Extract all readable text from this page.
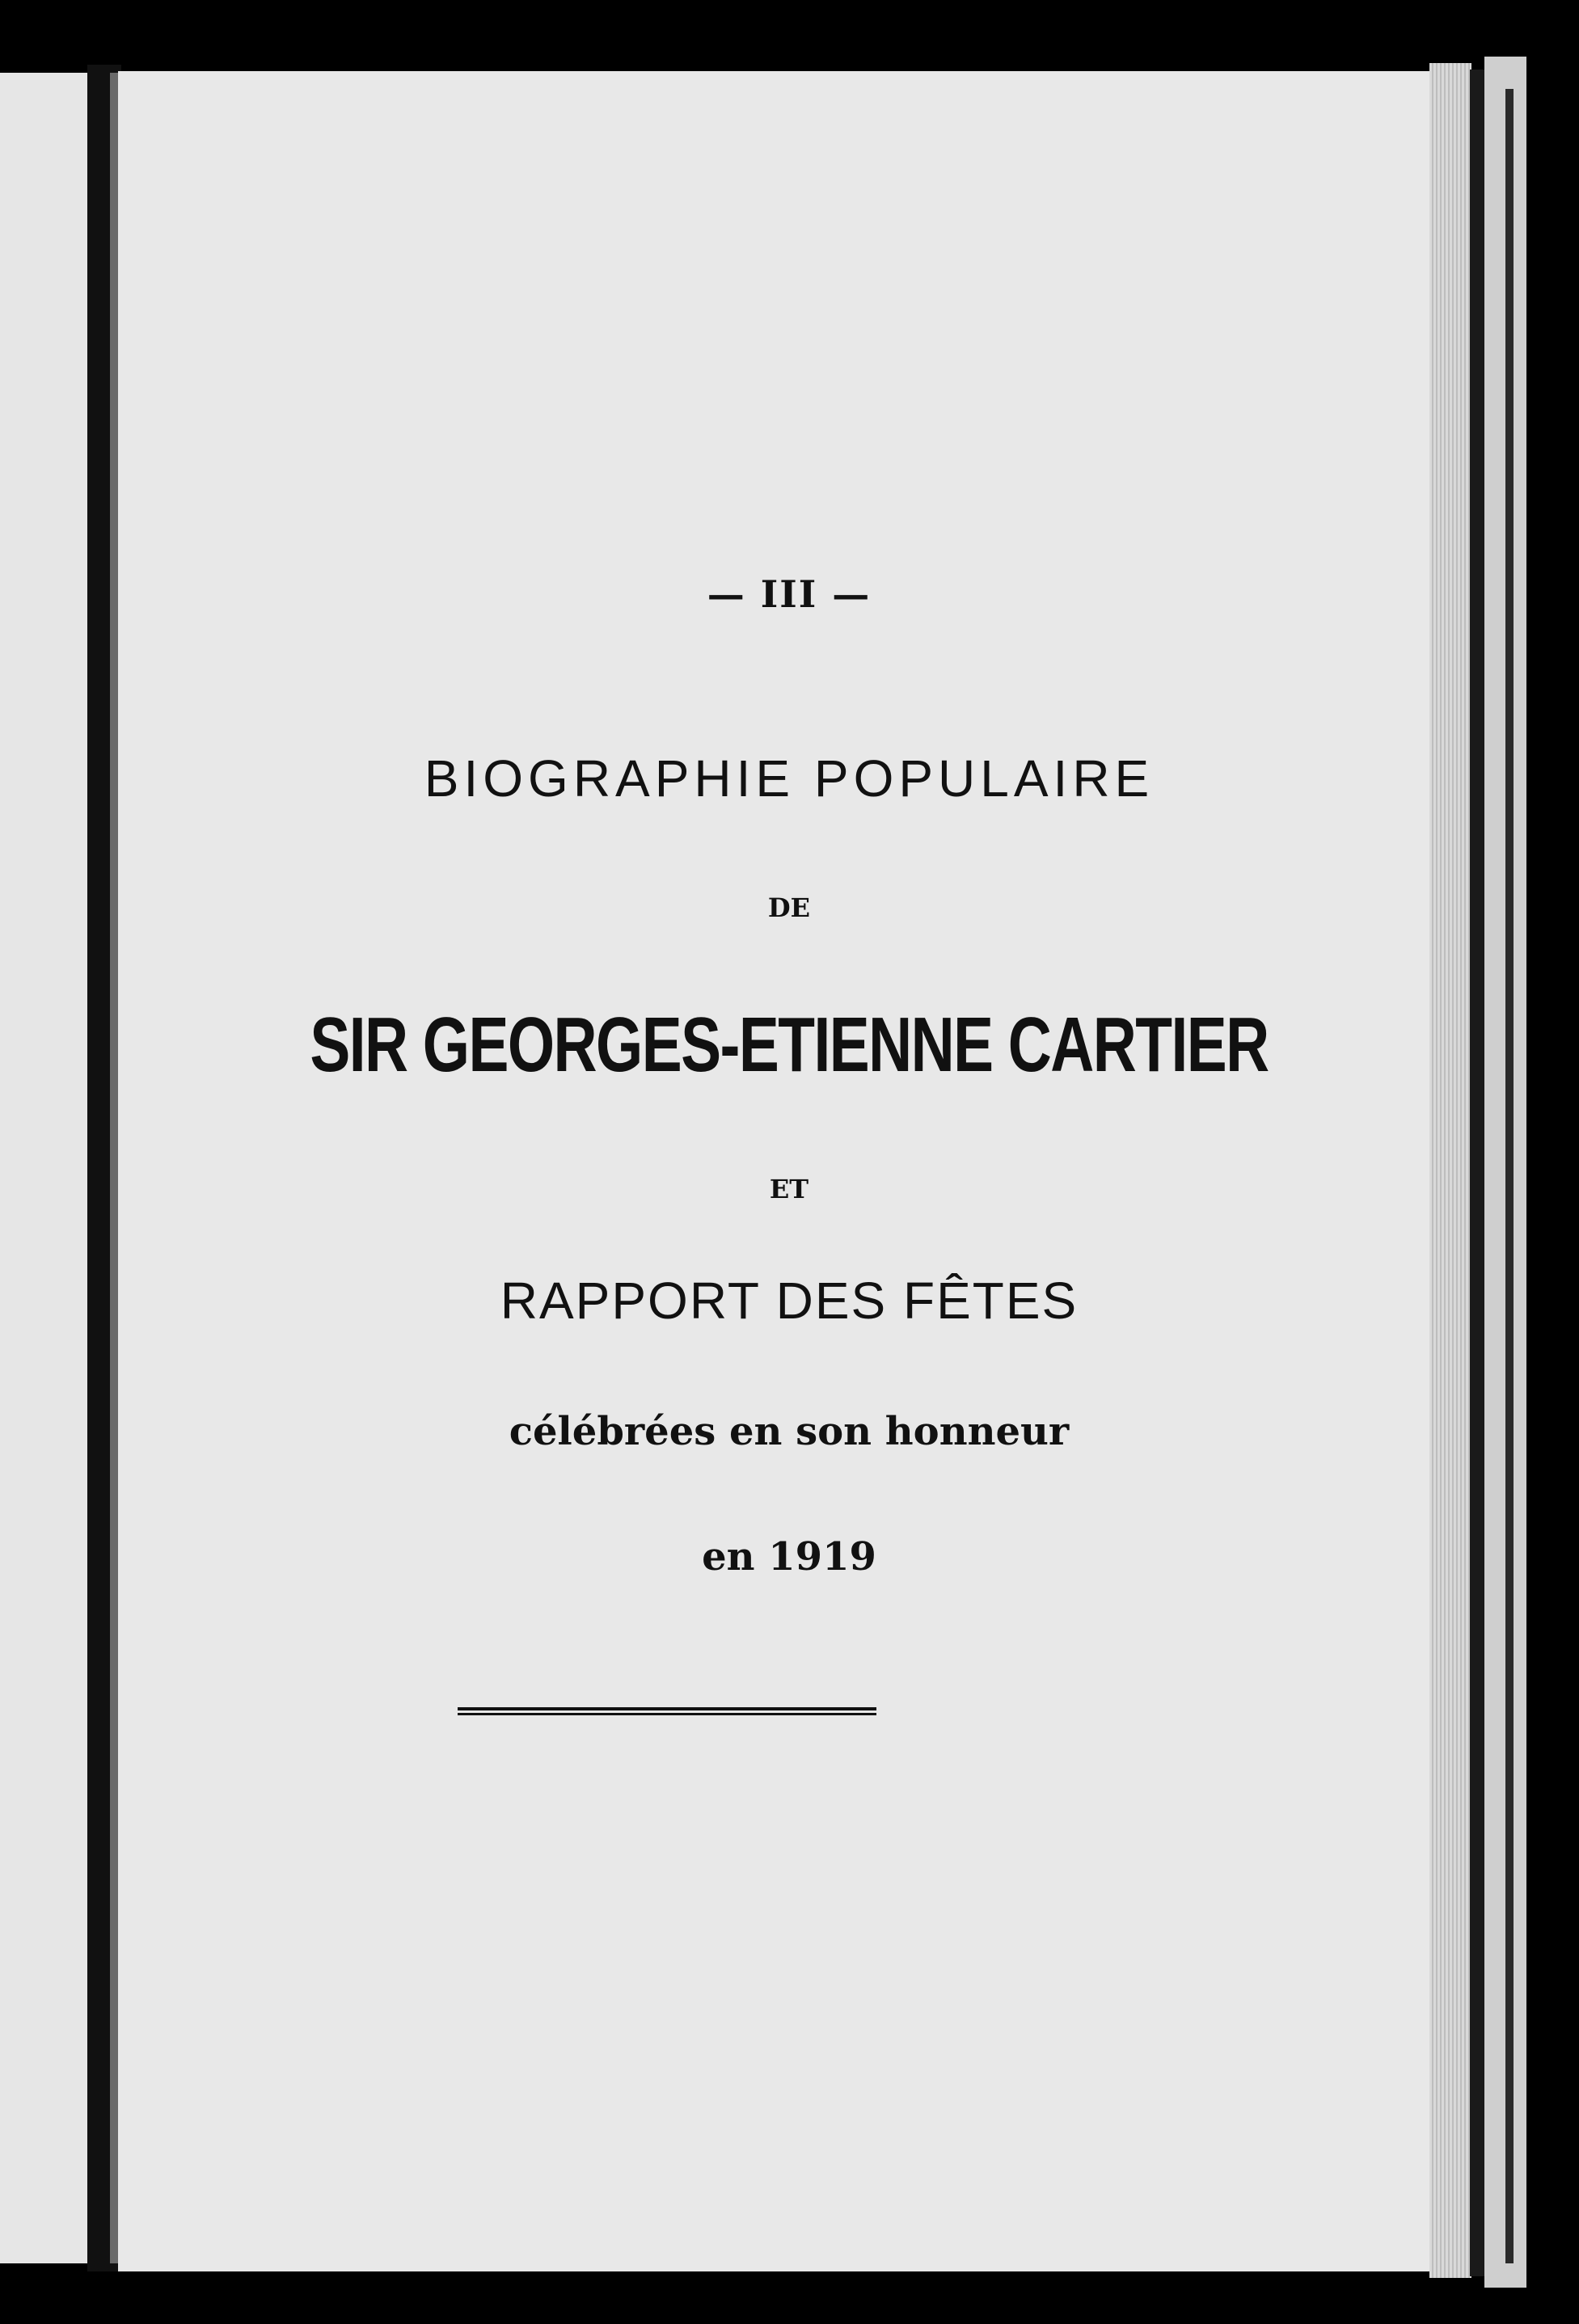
— III —

BIOGRAPHIE POPULAIRE

DE

SIR GEORGES-ETIENNE CARTIER

ET

RAPPORT DES FÊTES

célébrées en son honneur

en 1919
